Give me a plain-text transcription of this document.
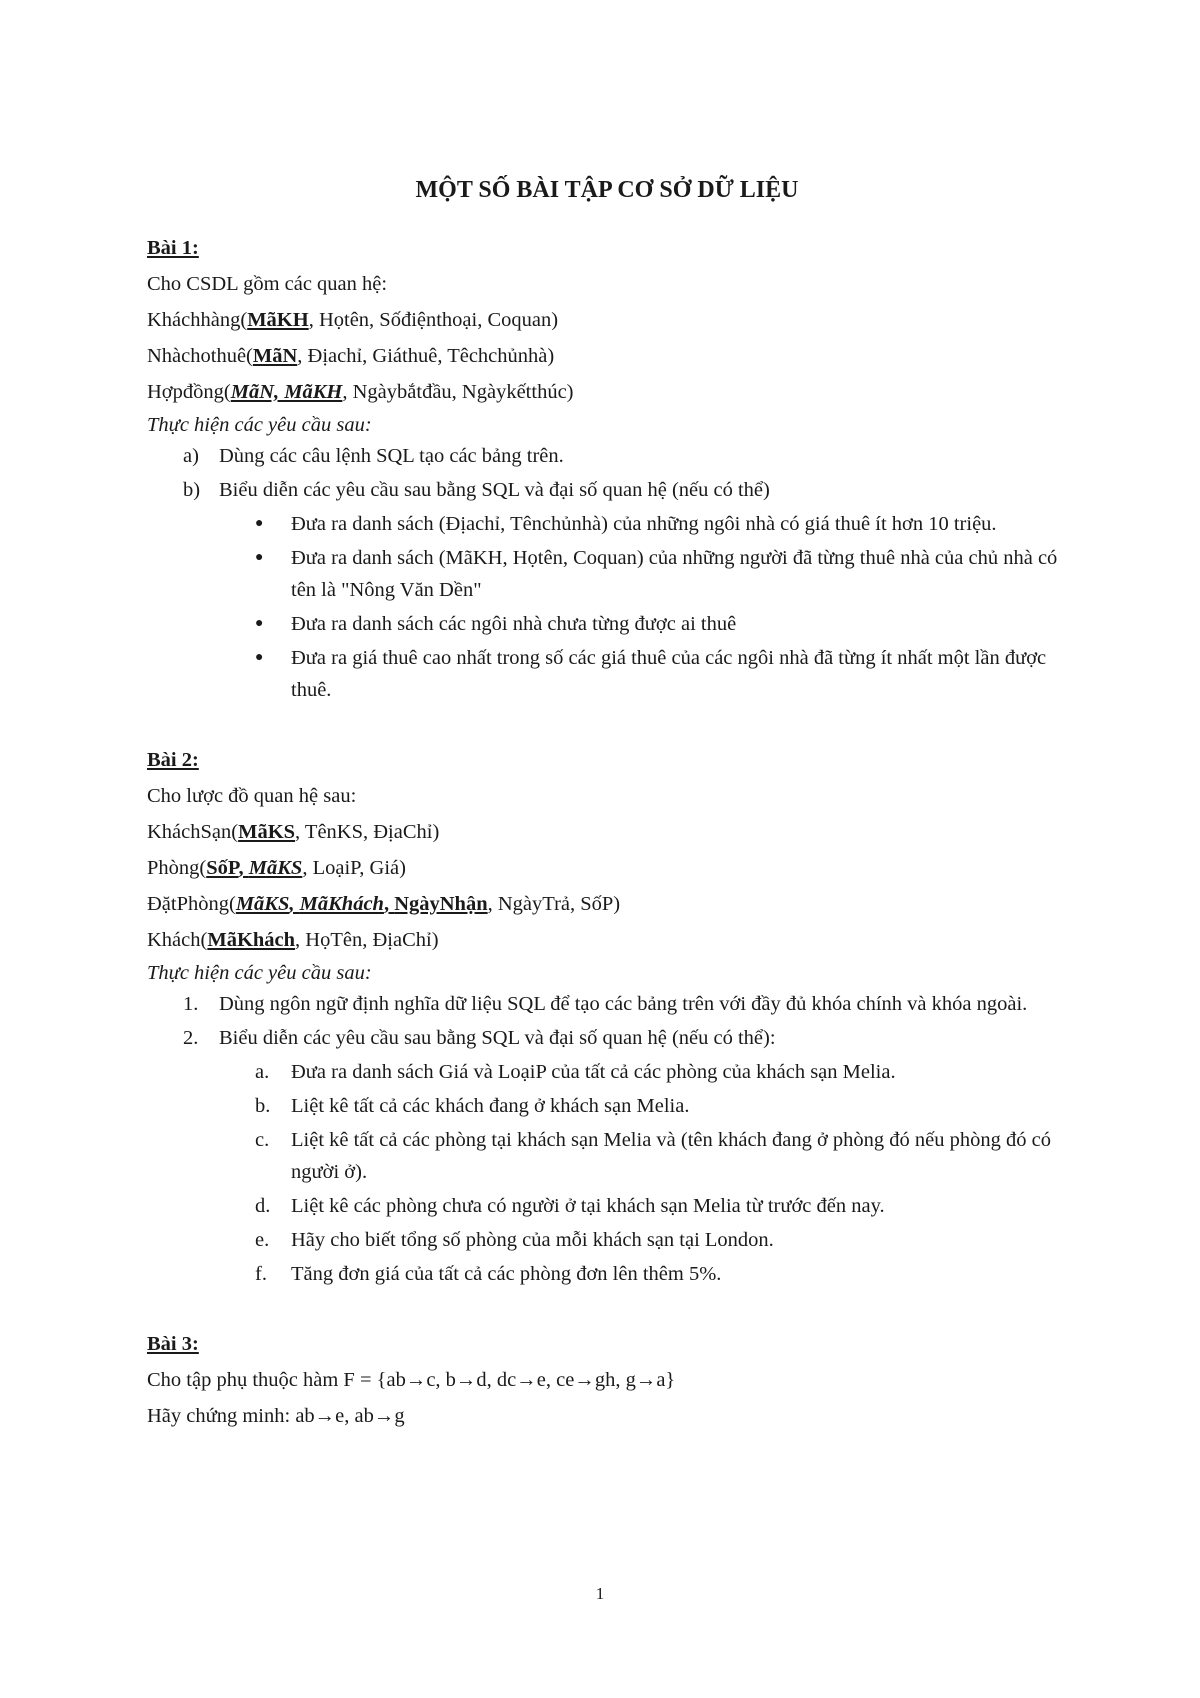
MỘT SỐ BÀI TẬP CƠ SỞ DỮ LIỆU

Bài 1:

Cho CSDL gồm các quan hệ:

Kháchhàng(MãKH, Họtên, Sốđiệnthoại, Coquan)

Nhàchothuê(MãN, Địachỉ, Giáthuê, Têchchủnhà)

Hợpđồng(MãN, MãKH, Ngàybắtđầu, Ngàykếtthúc)

Thực hiện các yêu cầu sau:

a) Dùng các câu lệnh SQL tạo các bảng trên.
b) Biểu diễn các yêu cầu sau bằng SQL và đại số quan hệ (nếu có thể)
● Đưa ra danh sách (Địachỉ, Tênchủnhà) của những ngôi nhà có giá thuê ít hơn 10 triệu.
● Đưa ra danh sách (MãKH, Họtên, Coquan) của những người đã từng thuê nhà của chủ nhà có tên là "Nông Văn Dền"
● Đưa ra danh sách các ngôi nhà chưa từng được ai thuê
● Đưa ra giá thuê cao nhất trong số các giá thuê của các ngôi nhà đã từng ít nhất một lần được thuê.

Bài 2:

Cho lược đồ quan hệ sau:

KháchSạn(MãKS, TênKS, ĐịaChỉ)

Phòng(SốP, MãKS, LoạiP, Giá)

ĐặtPhòng(MãKS, MãKhách, NgàyNhận, NgàyTrả, SốP)

Khách(MãKhách, HọTên, ĐịaChỉ)

Thực hiện các yêu cầu sau:

1. Dùng ngôn ngữ định nghĩa dữ liệu SQL để tạo các bảng trên với đầy đủ khóa chính và khóa ngoài.
2. Biểu diễn các yêu cầu sau bằng SQL và đại số quan hệ (nếu có thể):
a. Đưa ra danh sách Giá và LoạiP của tất cả các phòng của khách sạn Melia.
b. Liệt kê tất cả các khách đang ở khách sạn Melia.
c. Liệt kê tất cả các phòng tại khách sạn Melia và (tên khách đang ở phòng đó nếu phòng đó có người ở).
d. Liệt kê các phòng chưa có người ở tại khách sạn Melia từ trước đến nay.
e. Hãy cho biết tổng số phòng của mỗi khách sạn tại London.
f. Tăng đơn giá của tất cả các phòng đơn lên thêm 5%.

Bài 3:

Cho tập phụ thuộc hàm F = {ab→c, b→d, dc→e, ce→gh, g→a}

Hãy chứng minh: ab→e, ab→g

1
